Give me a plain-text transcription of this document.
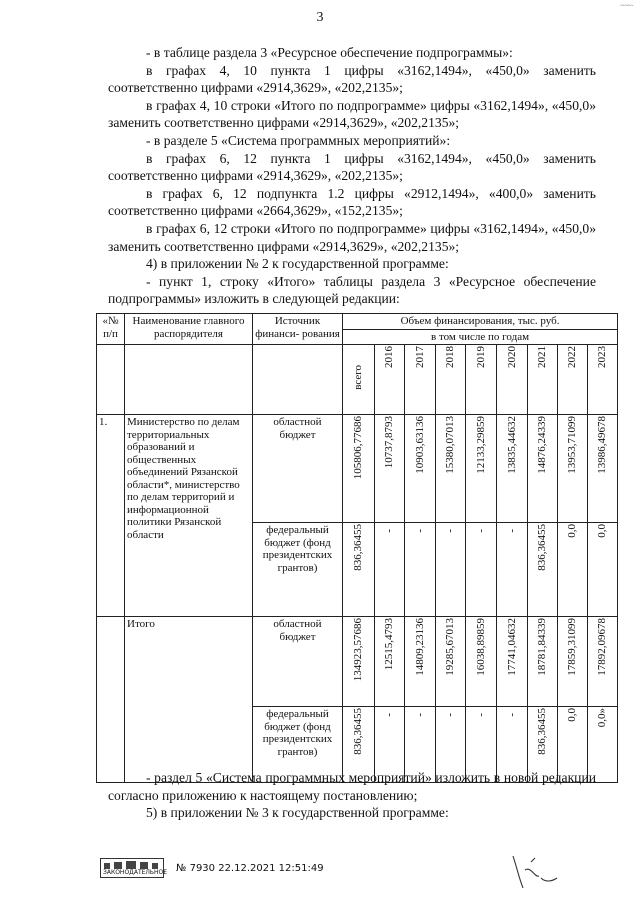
~~~·
3

- в таблице раздела 3 «Ресурсное обеспечение подпрограммы»:

в графах 4, 10 пункта 1 цифры «3162,1494», «450,0» заменить соответственно цифрами «2914,3629», «202,2135»;

в графах 4, 10 строки «Итого по подпрограмме» цифры «3162,1494», «450,0» заменить соответственно цифрами «2914,3629», «202,2135»;

- в разделе 5 «Система программных мероприятий»:

в графах 6, 12 пункта 1 цифры «3162,1494», «450,0» заменить соответственно цифрами «2914,3629», «202,2135»;

в графах 6, 12 подпункта 1.2 цифры «2912,1494», «400,0» заменить соответственно цифрами «2664,3629», «152,2135»;

в графах 6, 12 строки «Итого по подпрограмме» цифры «3162,1494», «450,0» заменить соответственно цифрами «2914,3629», «202,2135»;

4) в приложении № 2 к государственной программе:

- пункт 1, строку «Итого» таблицы раздела 3 «Ресурсное обеспечение подпрограммы» изложить в следующей редакции:

«№ п/п	Наименование главного распорядителя	Источник финанси- рования	Объем финансирования, тыс. руб.								
			в том числе по годам								
			всего	2016	2017	2018	2019	2020	2021	2022	2023
1.	Министерство по делам территориальных образований и общественных объединений Рязанской области*, министерство по делам территорий и информационной политики Рязанской области	областной бюджет	105806,77686	10737,8793	10903,63136	15380,07013	12133,29859	13835,44632	14876,24339	13953,71099	13986,49678
		федеральный бюджет (фонд президентских грантов)	836,36455	-	-	-	-	-	836,36455	0,0	0,0
	Итого	областной бюджет	134923,57686	12515,4793	14809,23136	19285,67013	16038,89859	17741,04632	18781,84339	17859,31099	17892,09678
		федеральный бюджет (фонд президентских грантов)	836,36455	-	-	-	-	-	836,36455	0,0	0,0»

- раздел 5 «Система программных мероприятий» изложить в новой редакции согласно приложению к настоящему постановлению;

5) в приложении № 3 к государственной программе:

ЗАКОНОДАТЕЛЬНОЕ № 7930 22.12.2021 12:51:49
